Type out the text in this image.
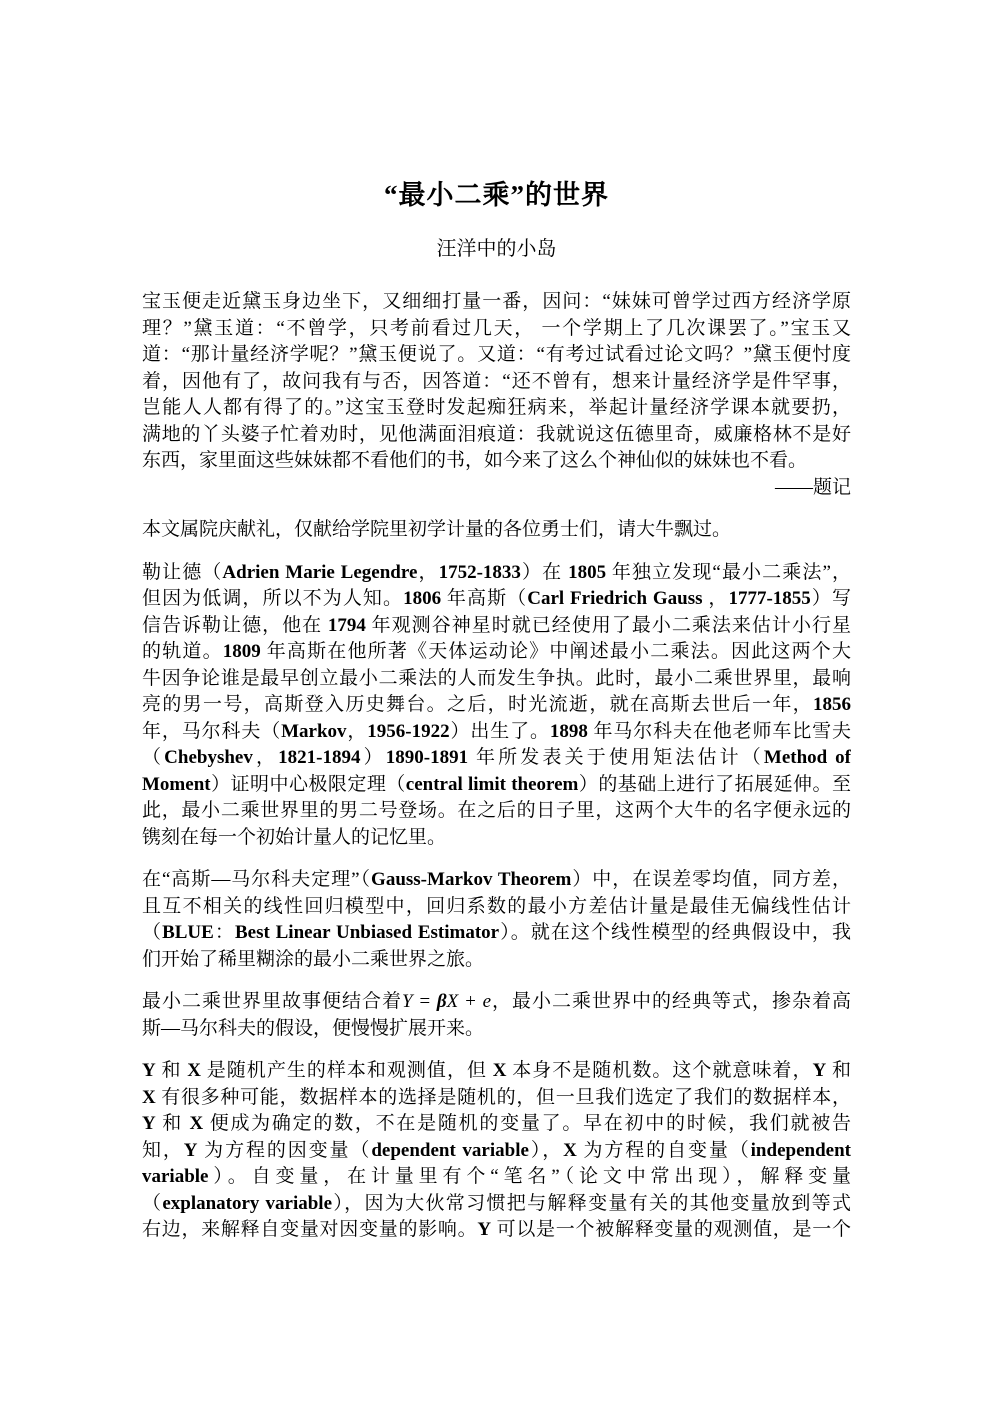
“最小二乘”的世界
汪洋中的小岛
宝玉便走近黛玉身边坐下，又细细打量一番，因问：“妹妹可曾学过西方经济学原
理？”黛玉道：“不曾学，只考前看过几天， 一个学期上了几次课罢了。”宝玉又
道：“那计量经济学呢？”黛玉便说了。又道：“有考过试看过论文吗？”黛玉便忖度
着，因他有了，故问我有与否，因答道：“还不曾有，想来计量经济学是件罕事，
岂能人人都有得了的。”这宝玉登时发起痴狂病来，举起计量经济学课本就要扔，
满地的丫头婆子忙着劝时，见他满面泪痕道：我就说这伍德里奇，威廉格林不是好
东西，家里面这些妹妹都不看他们的书，如今来了这么个神仙似的妹妹也不看。
——题记
本文属院庆献礼，仅献给学院里初学计量的各位勇士们，请大牛飘过。
勒让德（Adrien Marie Legendre，1752-1833）在 1805 年独立发现“最小二乘法”，
但因为低调，所以不为人知。1806 年高斯（Carl Friedrich Gauss ，1777-1855）写
信告诉勒让德，他在 1794 年观测谷神星时就已经使用了最小二乘法来估计小行星
的轨道。1809 年高斯在他所著《天体运动论》中阐述最小二乘法。因此这两个大
牛因争论谁是最早创立最小二乘法的人而发生争执。此时，最小二乘世界里，最响
亮的男一号，高斯登入历史舞台。之后，时光流逝，就在高斯去世后一年，1856
年，马尔科夫（Markov，1956-1922）出生了。1898 年马尔科夫在他老师车比雪夫
（Chebyshev，1821-1894）1890-1891 年所发表关于使用矩法估计（Method of
Moment）证明中心极限定理（central limit theorem）的基础上进行了拓展延伸。至
此，最小二乘世界里的男二号登场。在之后的日子里，这两个大牛的名字便永远的
镌刻在每一个初始计量人的记忆里。
在“高斯—马尔科夫定理”（Gauss-Markov Theorem）中，在误差零均值，同方差，
且互不相关的线性回归模型中，回归系数的最小方差估计量是最佳无偏线性估计
（BLUE：Best Linear Unbiased Estimator）。就在这个线性模型的经典假设中，我
们开始了稀里糊涂的最小二乘世界之旅。
最小二乘世界里故事便结合着Y = βX + e，最小二乘世界中的经典等式，掺杂着高
斯—马尔科夫的假设，便慢慢扩展开来。
Y 和 X 是随机产生的样本和观测值，但 X 本身不是随机数。这个就意味着，Y 和
X 有很多种可能，数据样本的选择是随机的，但一旦我们选定了我们的数据样本，
Y 和 X 便成为确定的数，不在是随机的变量了。早在初中的时候，我们就被告
知，Y 为方程的因变量（dependent variable），X 为方程的自变量（independent
variable）。自变量，在计量里有个“笔名”（论文中常出现），解释变量
（explanatory variable），因为大伙常习惯把与解释变量有关的其他变量放到等式
右边，来解释自变量对因变量的影响。Y 可以是一个被解释变量的观测值，是一个
